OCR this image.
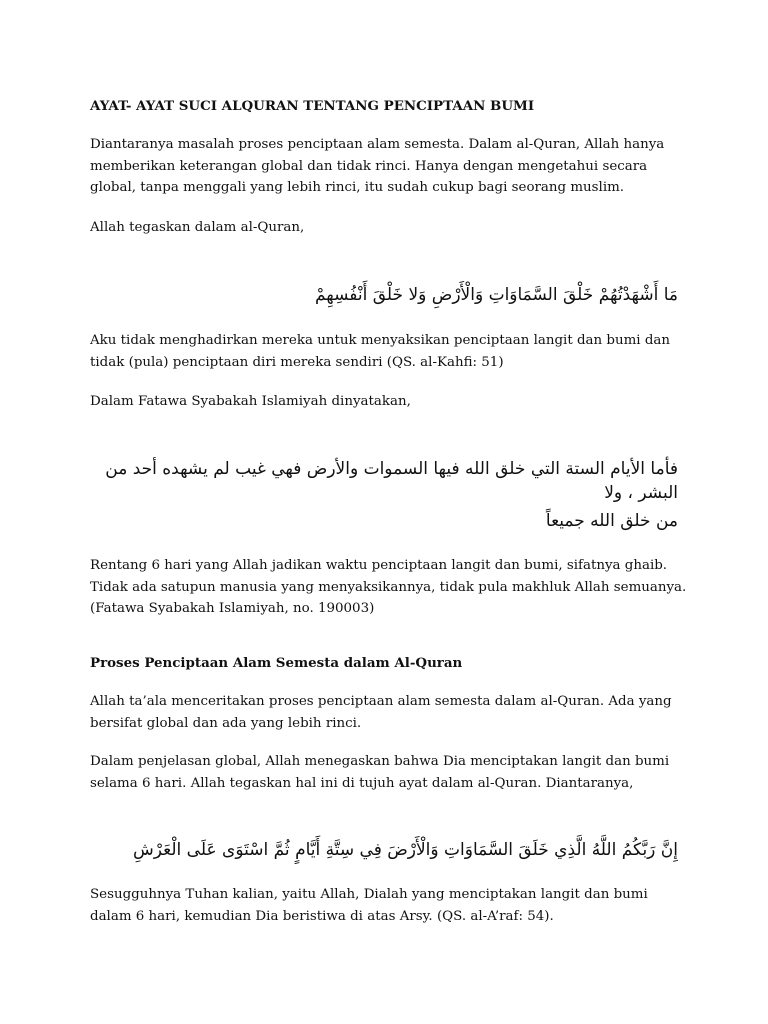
AYAT- AYAT SUCI ALQURAN TENTANG PENCIPTAAN BUMI

Diantaranya masalah proses penciptaan alam semesta. Dalam al-Quran, Allah hanya memberikan keterangan global dan tidak rinci. Hanya dengan mengetahui secara global, tanpa menggali yang lebih rinci, itu sudah cukup bagi seorang muslim.

Allah tegaskan dalam al-Quran,

مَا أَشْهَدْتُهُمْ خَلْقَ السَّمَاوَاتِ وَالْأَرْضِ وَلا خَلْقَ أَنْفُسِهِمْ

Aku tidak menghadirkan mereka untuk menyaksikan penciptaan langit dan bumi dan tidak (pula) penciptaan diri mereka sendiri (QS. al-Kahfi: 51)

Dalam Fatawa Syabakah Islamiyah dinyatakan,

فأما الأيام الستة التي خلق الله فيها السموات والأرض فهي غيب لم يشهده أحد من البشر ، ولا

من خلق الله جميعاً

Rentang 6 hari yang Allah jadikan waktu penciptaan langit dan bumi, sifatnya ghaib. Tidak ada satupun manusia yang menyaksikannya, tidak pula makhluk Allah semuanya. (Fatawa Syabakah Islamiyah, no. 190003)

Proses Penciptaan Alam Semesta dalam Al-Quran

Allah ta’ala menceritakan proses penciptaan alam semesta dalam al-Quran. Ada yang bersifat global dan ada yang lebih rinci.

Dalam penjelasan global, Allah menegaskan bahwa Dia menciptakan langit dan bumi selama 6 hari. Allah tegaskan hal ini di tujuh ayat dalam al-Quran. Diantaranya,

إِنَّ رَبَّكُمُ اللَّهُ الَّذِي خَلَقَ السَّمَاوَاتِ وَالْأَرْضَ فِي سِتَّةِ أَيَّامٍ ثُمَّ اسْتَوَى عَلَى الْعَرْشِ

Sesugguhnya Tuhan kalian, yaitu Allah, Dialah yang menciptakan langit dan bumi dalam 6 hari, kemudian Dia beristiwa di atas Arsy. (QS. al-A’raf: 54).
